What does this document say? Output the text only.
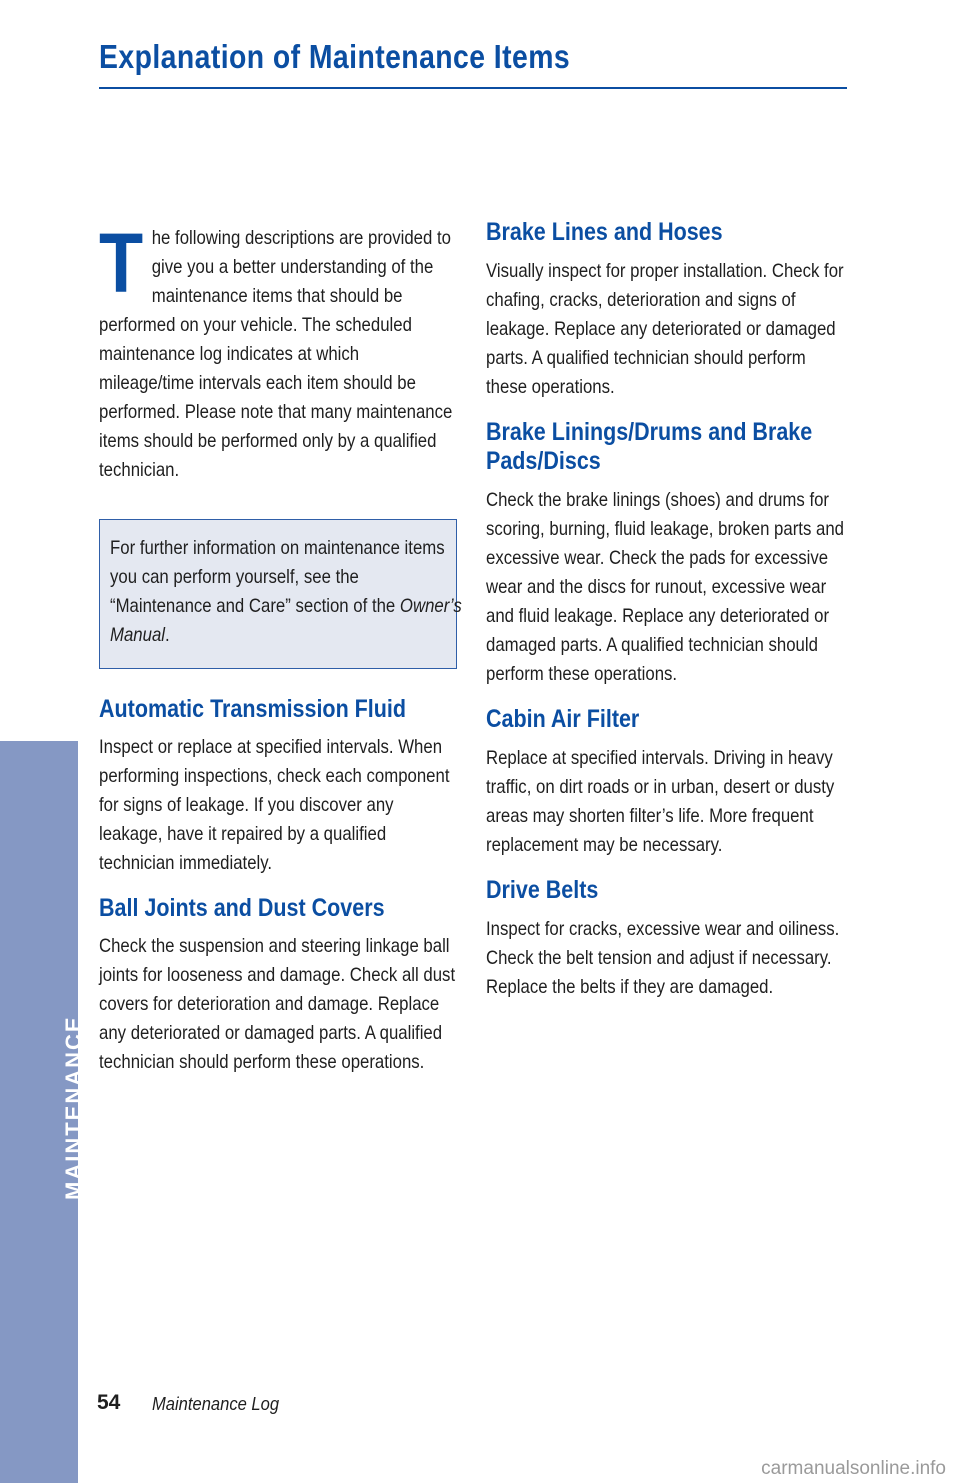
Explanation of Maintenance Items
MAINTENANCE

The following descriptions are provided to give you a better understanding of the maintenance items that should be performed on your vehicle. The scheduled maintenance log indicates at which mileage/time intervals each item should be performed. Please note that many maintenance items should be performed only by a qualified technician.

For further information on maintenance items you can perform yourself, see the “Maintenance and Care” section of the Owner’s Manual.

Automatic Transmission Fluid

Inspect or replace at specified intervals. When performing inspections, check each component for signs of leakage. If you discover any leakage, have it repaired by a qualified technician immediately.

Ball Joints and Dust Covers

Check the suspension and steering linkage ball joints for looseness and damage. Check all dust covers for deterioration and damage. Replace any deteriorated or damaged parts. A qualified technician should perform these operations.

Brake Lines and Hoses

Visually inspect for proper installation. Check for chafing, cracks, deterioration and signs of leakage. Replace any deteriorated or damaged parts. A qualified technician should perform these operations.

Brake Linings/Drums and Brake Pads/Discs

Check the brake linings (shoes) and drums for scoring, burning, fluid leakage, broken parts and excessive wear. Check the pads for excessive wear and the discs for runout, excessive wear and fluid leakage. Replace any deteriorated or damaged parts. A qualified technician should perform these operations.

Cabin Air Filter

Replace at specified intervals. Driving in heavy traffic, on dirt roads or in urban, desert or dusty areas may shorten filter’s life. More frequent replacement may be necessary.

Drive Belts

Inspect for cracks, excessive wear and oiliness. Check the belt tension and adjust if necessary. Replace the belts if they are damaged.

54 Maintenance Log
carmanualsonline.info
